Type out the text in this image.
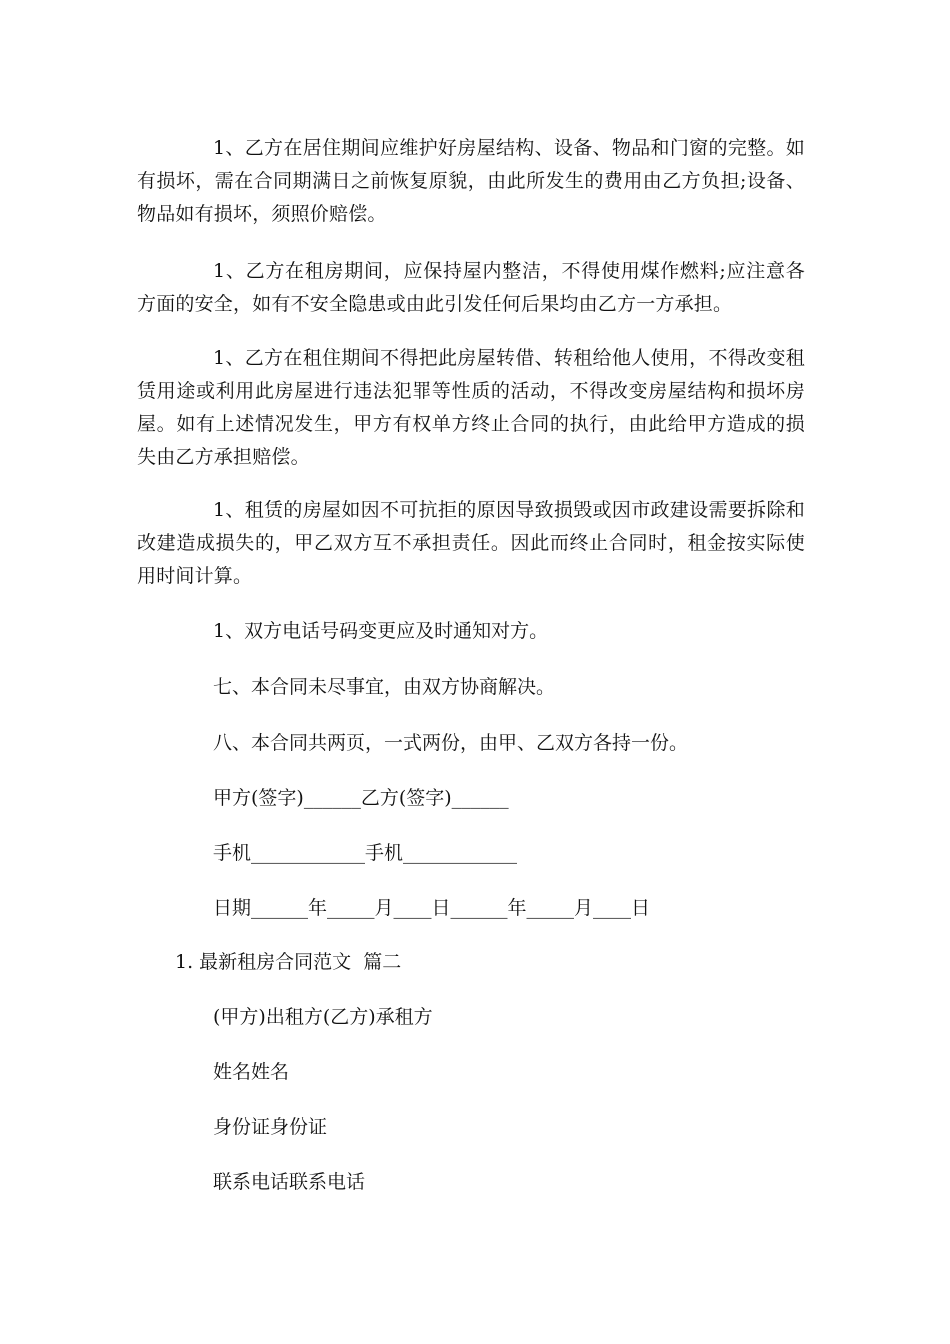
1、乙方在居住期间应维护好房屋结构、设备、物品和门窗的完整。如有损坏，需在合同期满日之前恢复原貌，由此所发生的费用由乙方负担;设备、物品如有损坏，须照价赔偿。

1、乙方在租房期间，应保持屋内整洁，不得使用煤作燃料;应注意各方面的安全，如有不安全隐患或由此引发任何后果均由乙方一方承担。

1、乙方在租住期间不得把此房屋转借、转租给他人使用，不得改变租赁用途或利用此房屋进行违法犯罪等性质的活动，不得改变房屋结构和损坏房屋。如有上述情况发生，甲方有权单方终止合同的执行，由此给甲方造成的损失由乙方承担赔偿。

1、租赁的房屋如因不可抗拒的原因导致损毁或因市政建设需要拆除和改建造成损失的，甲乙双方互不承担责任。因此而终止合同时，租金按实际使用时间计算。

1、双方电话号码变更应及时通知对方。

七、本合同未尽事宜，由双方协商解决。

八、本合同共两页，一式两份，由甲、乙双方各持一份。

甲方(签字)______乙方(签字)______

手机____________手机____________

日期______年_____月____日______年_____月____日

1. 最新租房合同范文  篇二

(甲方)出租方(乙方)承租方

姓名姓名

身份证身份证

联系电话联系电话
